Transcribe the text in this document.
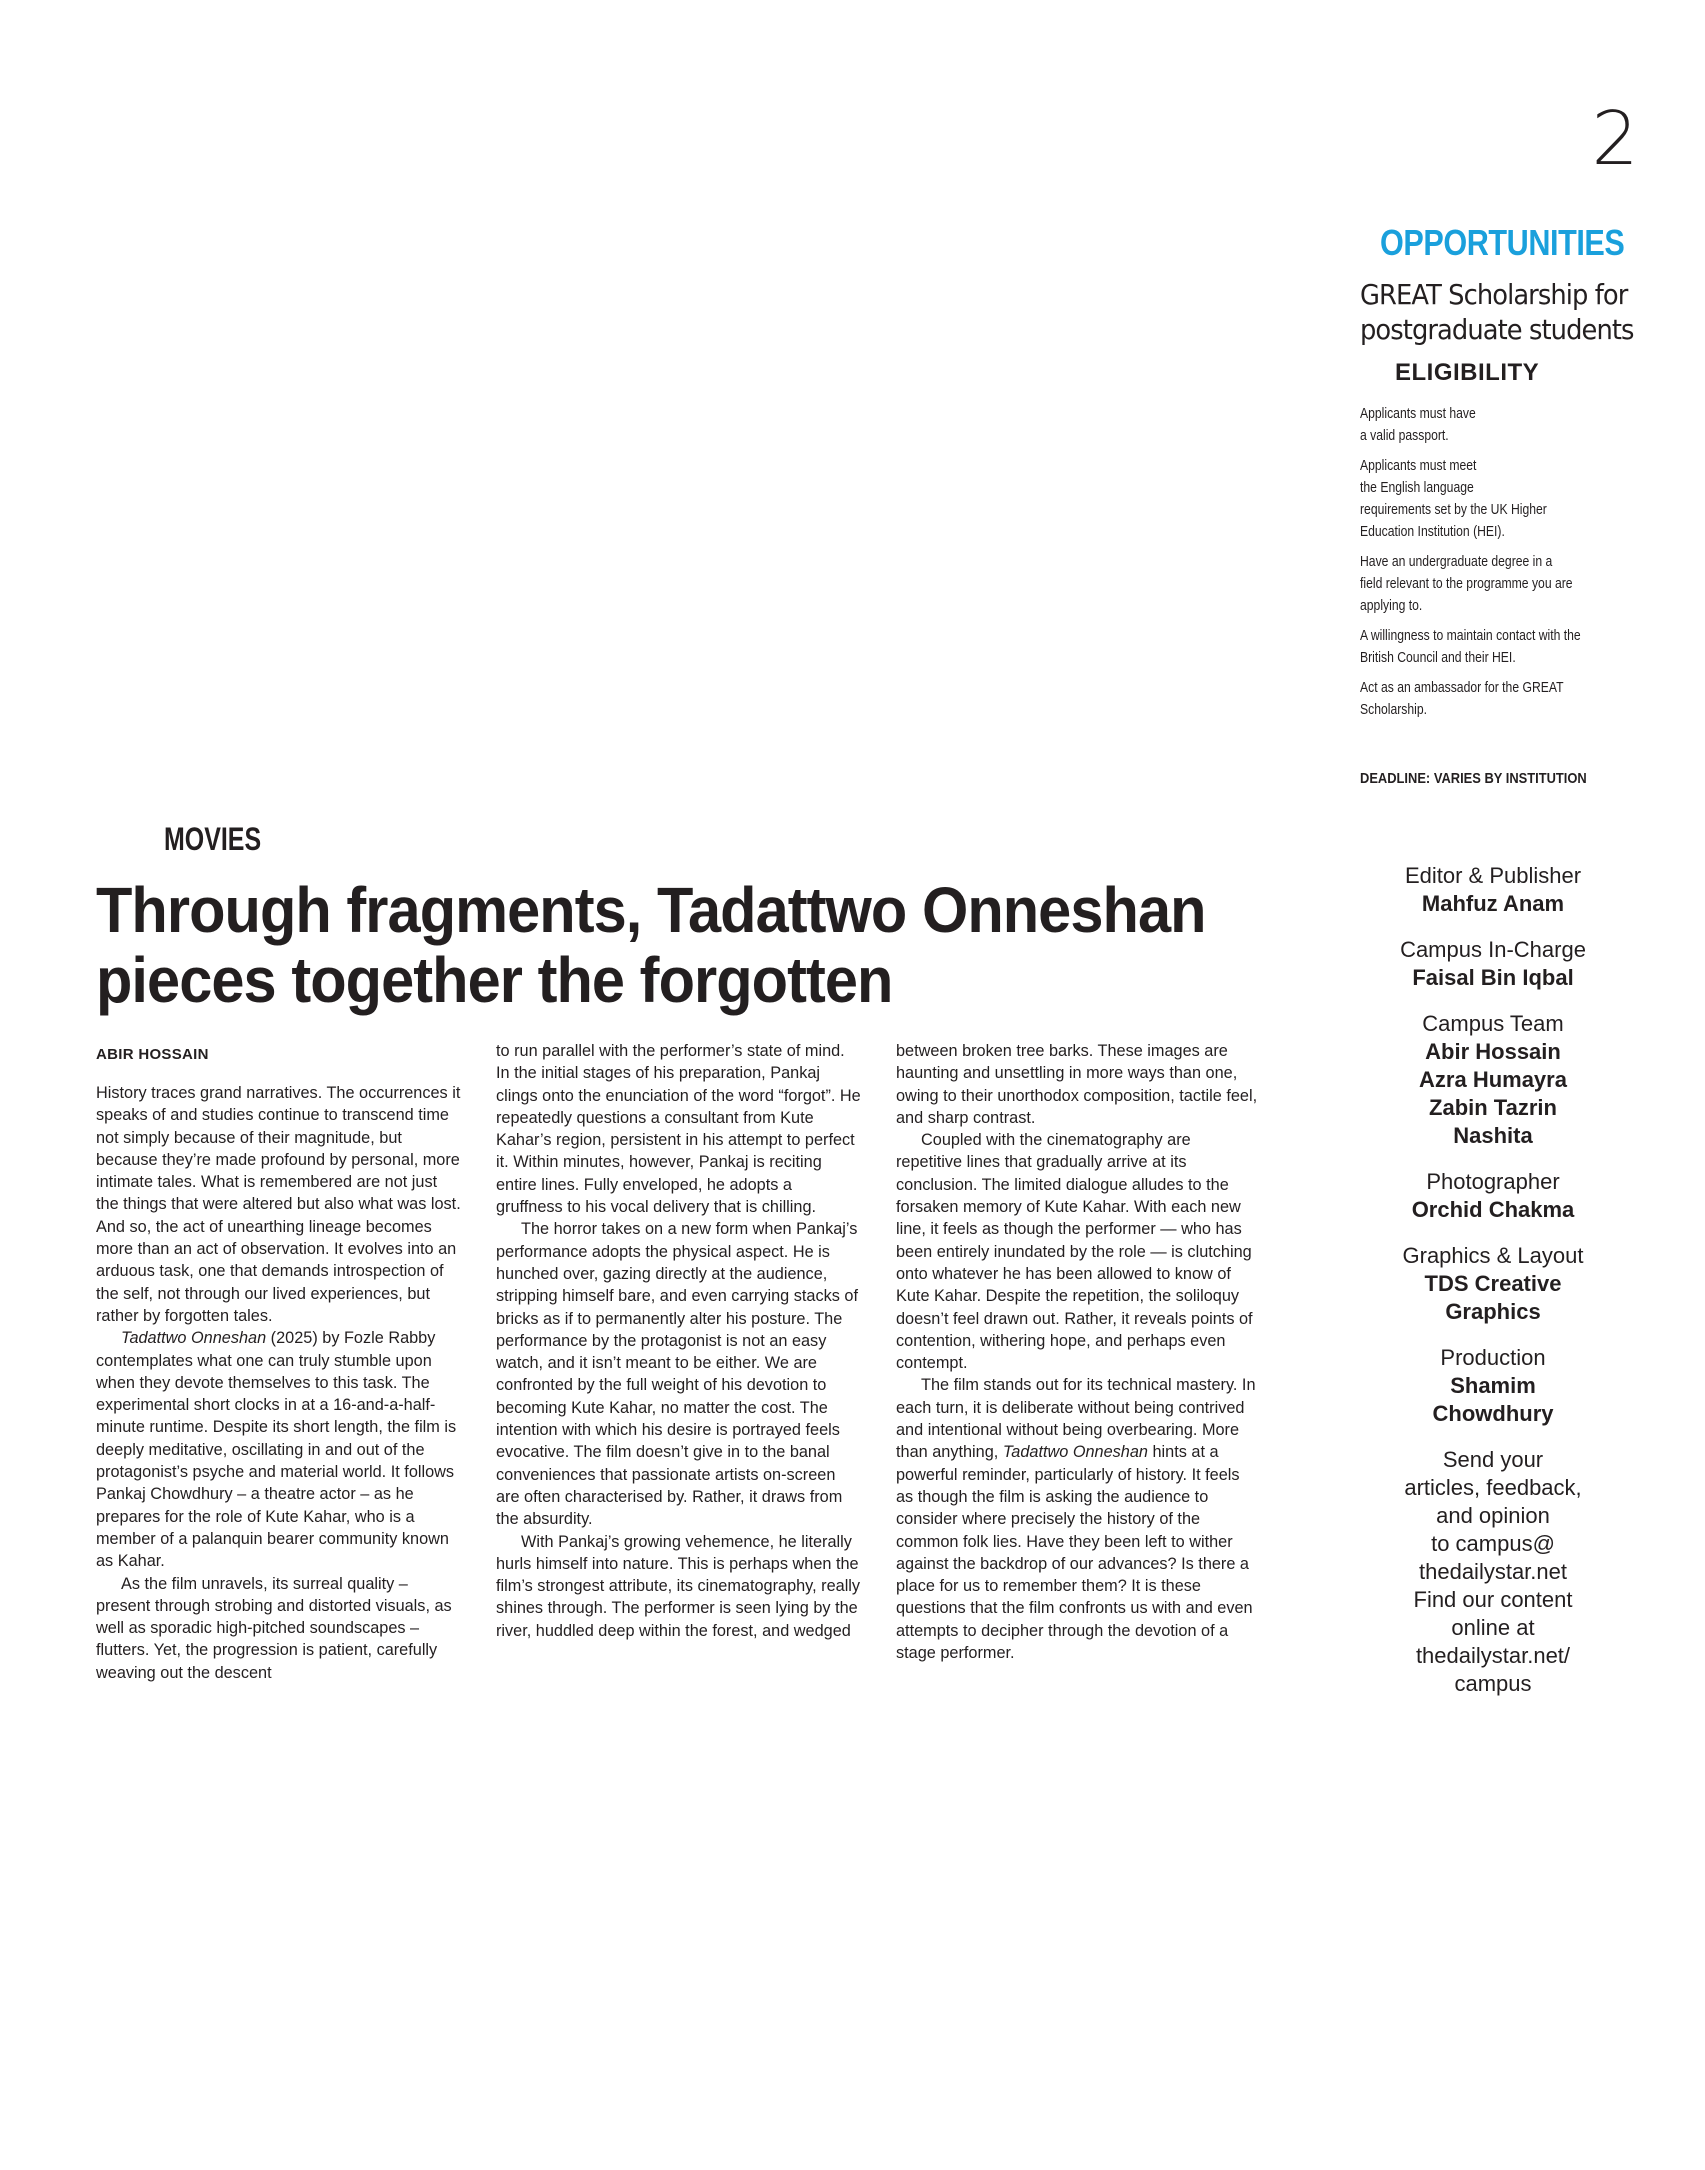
2
OPPORTUNITIES
GREAT Scholarship for
postgraduate students
ELIGIBILITY

Applicants must have
a valid passport.

Applicants must meet
the English language
requirements set by the UK Higher
Education Institution (HEI).

Have an undergraduate degree in a
field relevant to the programme you are
applying to.

A willingness to maintain contact with the
British Council and their HEI.

Act as an ambassador for the GREAT
Scholarship.

DEADLINE: VARIES BY INSTITUTION
Editor & Publisher
Mahfuz Anam
Campus In-Charge
Faisal Bin Iqbal
Campus Team
Abir Hossain
Azra Humayra
Zabin Tazrin
Nashita
Photographer
Orchid Chakma
Graphics & Layout
TDS Creative
Graphics
Production
Shamim
Chowdhury
Send your
articles, feedback,
and opinion
to campus@
thedailystar.net
Find our content
online at
thedailystar.net/
campus
MOVIES
Through fragments, Tadattwo Onneshan
pieces together the forgotten
ABIR HOSSAIN

History traces grand narratives. The occurrences it speaks of and studies continue to transcend time not simply because of their magnitude, but because they’re made profound by personal, more intimate tales. What is remembered are not just the things that were altered but also what was lost. And so, the act of unearthing lineage becomes more than an act of observation. It evolves into an arduous task, one that demands introspection of the self, not through our lived experiences, but rather by forgotten tales.

Tadattwo Onneshan (2025) by Fozle Rabby contemplates what one can truly stumble upon when they devote themselves to this task. The experimental short clocks in at a 16-and-a-half-minute runtime. Despite its short length, the film is deeply meditative, oscillating in and out of the protagonist’s psyche and material world. It follows Pankaj Chowdhury – a theatre actor – as he prepares for the role of Kute Kahar, who is a member of a palanquin bearer community known as Kahar.

As the film unravels, its surreal quality – present through strobing and distorted visuals, as well as sporadic high-pitched soundscapes – flutters. Yet, the progression is patient, carefully weaving out the descent

to run parallel with the performer’s state of mind. In the initial stages of his preparation, Pankaj clings onto the enunciation of the word “forgot”. He repeatedly questions a consultant from Kute Kahar’s region, persistent in his attempt to perfect it. Within minutes, however, Pankaj is reciting entire lines. Fully enveloped, he adopts a gruffness to his vocal delivery that is chilling.

The horror takes on a new form when Pankaj’s performance adopts the physical aspect. He is hunched over, gazing directly at the audience, stripping himself bare, and even carrying stacks of bricks as if to permanently alter his posture. The performance by the protagonist is not an easy watch, and it isn’t meant to be either. We are confronted by the full weight of his devotion to becoming Kute Kahar, no matter the cost. The intention with which his desire is portrayed feels evocative. The film doesn’t give in to the banal conveniences that passionate artists on-screen are often characterised by. Rather, it draws from the absurdity.

With Pankaj’s growing vehemence, he literally hurls himself into nature. This is perhaps when the film’s strongest attribute, its cinematography, really shines through. The performer is seen lying by the river, huddled deep within the forest, and wedged

between broken tree barks. These images are haunting and unsettling in more ways than one, owing to their unorthodox composition, tactile feel, and sharp contrast.

Coupled with the cinematography are repetitive lines that gradually arrive at its conclusion. The limited dialogue alludes to the forsaken memory of Kute Kahar. With each new line, it feels as though the performer — who has been entirely inundated by the role — is clutching onto whatever he has been allowed to know of Kute Kahar. Despite the repetition, the soliloquy doesn’t feel drawn out. Rather, it reveals points of contention, withering hope, and perhaps even contempt.

The film stands out for its technical mastery. In each turn, it is deliberate without being contrived and intentional without being overbearing. More than anything, Tadattwo Onneshan hints at a powerful reminder, particularly of history. It feels as though the film is asking the audience to consider where precisely the history of the common folk lies. Have they been left to wither against the backdrop of our advances? Is there a place for us to remember them? It is these questions that the film confronts us with and even attempts to decipher through the devotion of a stage performer.
